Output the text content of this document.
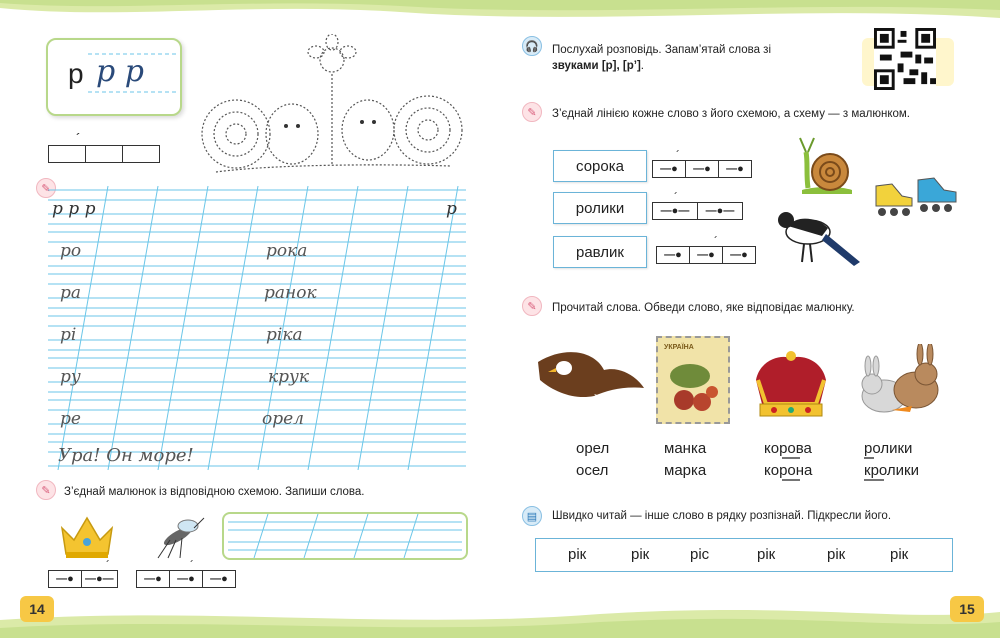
р р р
´
✎
р р р	р
ро	рока
ра	ранок
рі	ріка
ру	крук
ре	орел
Ура! Он море!
✎	З’єднай малюнок із відповідною схемою. Запиши слова.
—●	—●—
´
—●	—●	—●
´
14
🎧 Послухай розповідь. Запам’ятай слова зі
звуками [р], [р’].
✎	З’єднай лінією кожне слово з його схемою, а схему — з малюнком.
сорока
ролики
равлик
—●	—●	—●
´
—●—	—●—
´
—●	—●	—●
´
✎	Прочитай слова. Обведи слово, яке відповідає малюнку.
УКРАЇНА
орел
осел
манка
марка
корова
корона
ролики
кролики
▤	Швидко читай — інше слово в рядку розпізнай. Підкресли його.
рік	рік	ріс	рік	рік	рік
15
